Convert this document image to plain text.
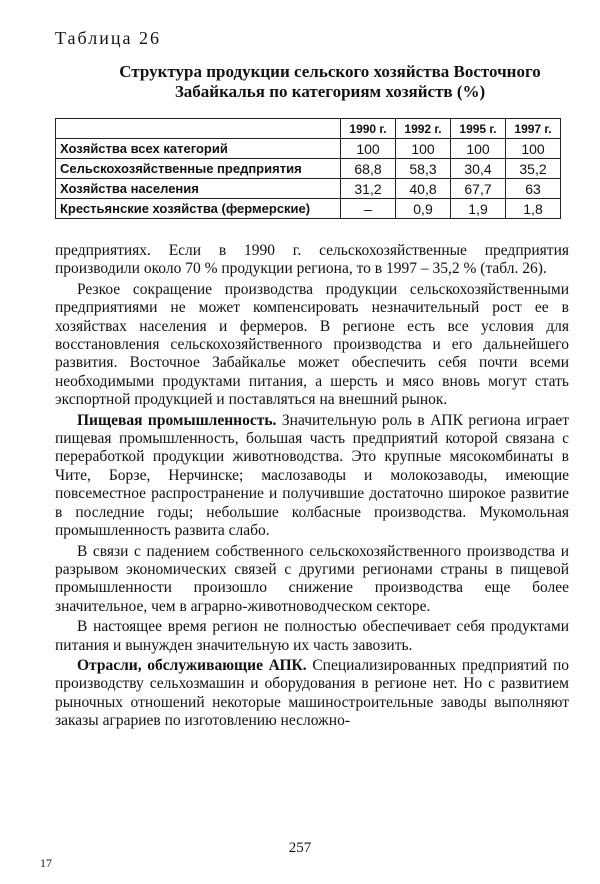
Таблица 26
Структура продукции сельского хозяйства Восточного
Забайкалья по категориям хозяйств (%)
	1990 г.	1992 г.	1995 г.	1997 г.
Хозяйства всех категорий	100	100	100	100
Сельскохозяйственные предприятия	68,8	58,3	30,4	35,2
Хозяйства населения	31,2	40,8	67,7	63
Крестьянские хозяйства (фермерские)	–	0,9	1,9	1,8

предприятиях. Если в 1990 г. сельскохозяйственные предприятия производили около 70 % продукции региона, то в 1997 – 35,2 % (табл. 26).

Резкое сокращение производства продукции сельскохозяйственными предприятиями не может компенсировать незначительный рост ее в хозяйствах населения и фермеров. В регионе есть все условия для восстановления сельскохозяйственного производства и его дальнейшего развития. Восточное Забайкалье может обеспечить себя почти всеми необходимыми продуктами питания, а шерсть и мясо вновь могут стать экспортной продукцией и поставляться на внешний рынок.

Пищевая промышленность. Значительную роль в АПК региона играет пищевая промышленность, большая часть предприятий которой связана с переработкой продукции животноводства. Это крупные мясокомбинаты в Чите, Борзе, Нерчинске; маслозаводы и молокозаводы, имеющие повсеместное распространение и получившие достаточно широкое развитие в последние годы; небольшие колбасные производства. Мукомольная промышленность развита слабо.

В связи с падением собственного сельскохозяйственного производства и разрывом экономических связей с другими регионами страны в пищевой промышленности произошло снижение производства еще более значительное, чем в аграрно-животноводческом секторе.

В настоящее время регион не полностью обеспечивает себя продуктами питания и вынужден значительную их часть завозить.

Отрасли, обслуживающие АПК. Специализированных предприятий по производству сельхозмашин и оборудования в регионе нет. Но с развитием рыночных отношений некоторые машиностроительные заводы выполняют заказы аграриев по изготовлению несложно-

257
17
